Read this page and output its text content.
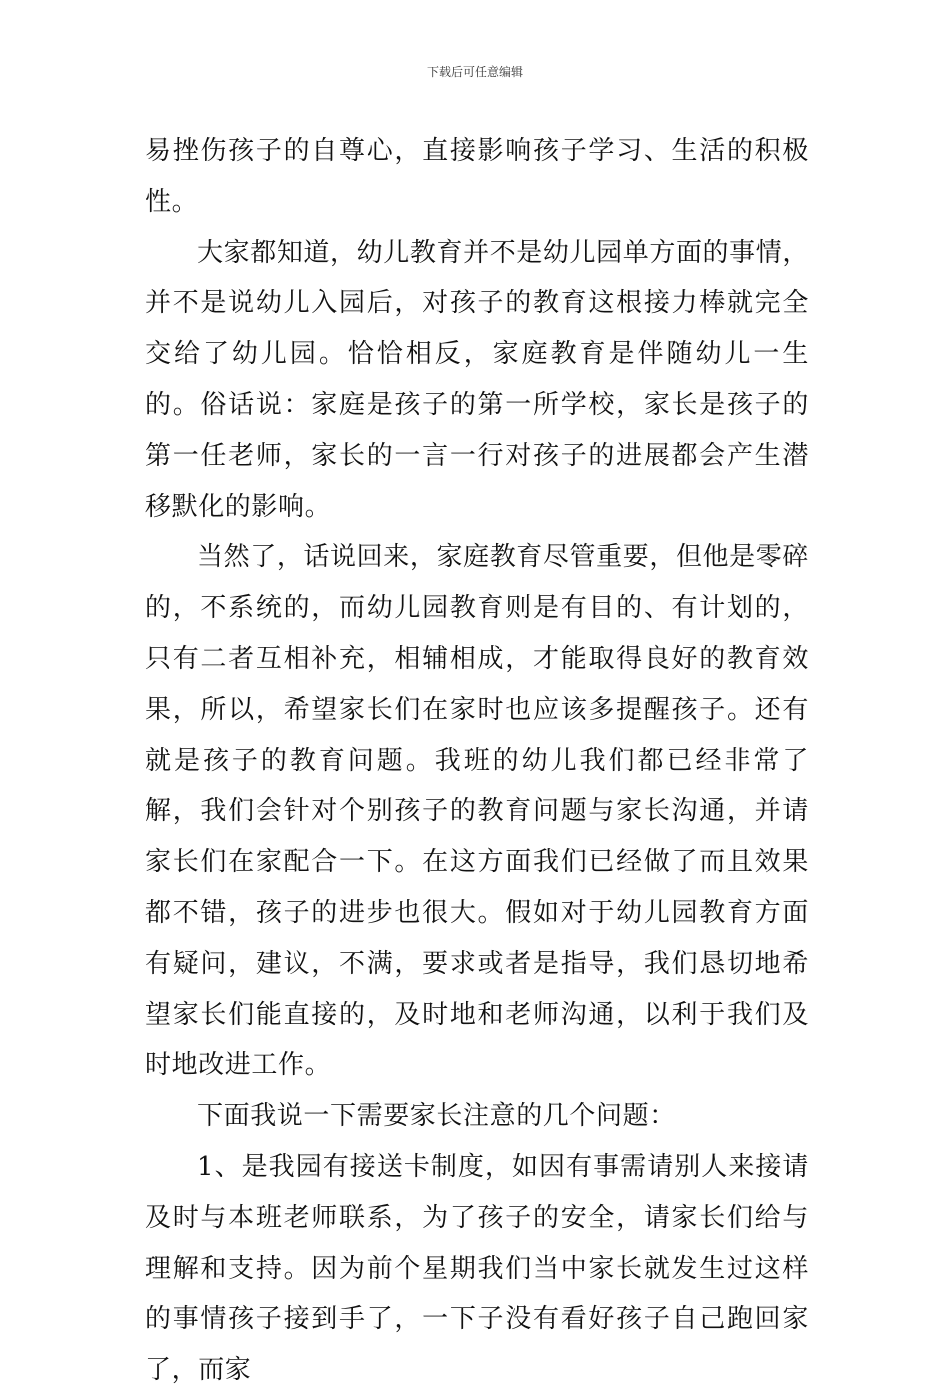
下载后可任意编辑

易挫伤孩子的自尊心，直接影响孩子学习、生活的积极性。

大家都知道，幼儿教育并不是幼儿园单方面的事情，并不是说幼儿入园后，对孩子的教育这根接力棒就完全交给了幼儿园。恰恰相反，家庭教育是伴随幼儿一生的。俗话说：家庭是孩子的第一所学校，家长是孩子的第一任老师，家长的一言一行对孩子的进展都会产生潜移默化的影响。

当然了，话说回来，家庭教育尽管重要，但他是零碎的，不系统的，而幼儿园教育则是有目的、有计划的，只有二者互相补充，相辅相成，才能取得良好的教育效果，所以，希望家长们在家时也应该多提醒孩子。还有就是孩子的教育问题。我班的幼儿我们都已经非常了解，我们会针对个别孩子的教育问题与家长沟通，并请家长们在家配合一下。在这方面我们已经做了而且效果都不错，孩子的进步也很大。假如对于幼儿园教育方面有疑问，建议，不满，要求或者是指导，我们恳切地希望家长们能直接的，及时地和老师沟通，以利于我们及时地改进工作。

下面我说一下需要家长注意的几个问题：

1、是我园有接送卡制度，如因有事需请别人来接请及时与本班老师联系，为了孩子的安全，请家长们给与理解和支持。因为前个星期我们当中家长就发生过这样的事情孩子接到手了，一下子没有看好孩子自己跑回家了，而家
